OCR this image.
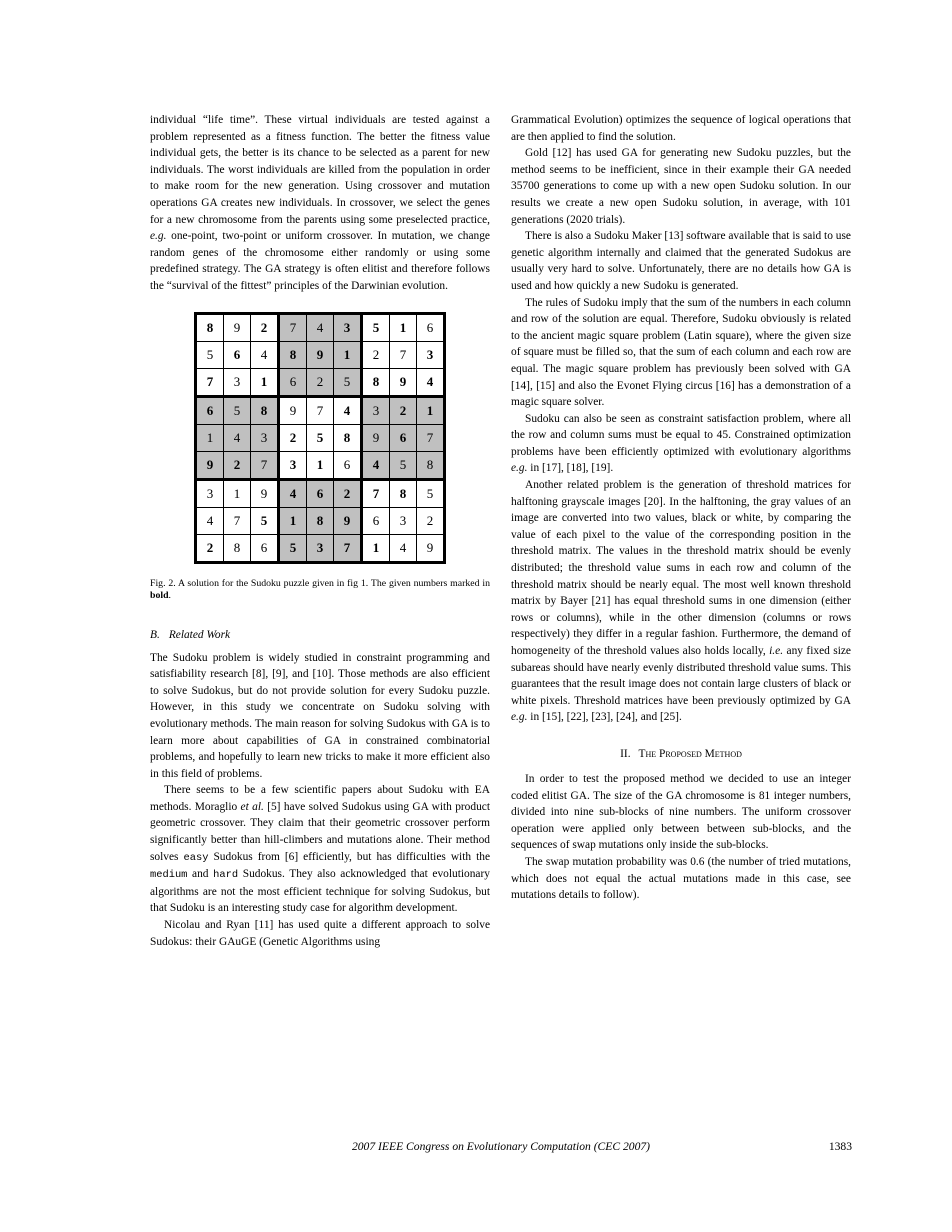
individual “life time”. These virtual individuals are tested against a problem represented as a fitness function. The better the fitness value individual gets, the better is its chance to be selected as a parent for new individuals. The worst individuals are killed from the population in order to make room for the new generation. Using crossover and mutation operations GA creates new individuals. In crossover, we select the genes for a new chromosome from the parents using some preselected practice, e.g. one-point, two-point or uniform crossover. In mutation, we change random genes of the chromosome either randomly or using some predefined strategy. The GA strategy is often elitist and therefore follows the “survival of the fittest” principles of the Darwinian evolution.

8	9	2	7	4	3	5	1	6
5	6	4	8	9	1	2	7	3
7	3	1	6	2	5	8	9	4
6	5	8	9	7	4	3	2	1
1	4	3	2	5	8	9	6	7
9	2	7	3	1	6	4	5	8
3	1	9	4	6	2	7	8	5
4	7	5	1	8	9	6	3	2
2	8	6	5	3	7	1	4	9
Fig. 2. A solution for the Sudoku puzzle given in fig 1. The given numbers marked in bold.
B. Related Work

The Sudoku problem is widely studied in constraint programming and satisfiability research [8], [9], and [10]. Those methods are also efficient to solve Sudokus, but do not provide solution for every Sudoku puzzle. However, in this study we concentrate on Sudoku solving with evolutionary methods. The main reason for solving Sudokus with GA is to learn more about capabilities of GA in constrained combinatorial problems, and hopefully to learn new tricks to make it more efficient also in this field of problems.

There seems to be a few scientific papers about Sudoku with EA methods. Moraglio et al. [5] have solved Sudokus using GA with product geometric crossover. They claim that their geometric crossover perform significantly better than hill-climbers and mutations alone. Their method solves easy Sudokus from [6] efficiently, but has difficulties with the medium and hard Sudokus. They also acknowledged that evolutionary algorithms are not the most efficient technique for solving Sudokus, but that Sudoku is an interesting study case for algorithm development.

Nicolau and Ryan [11] has used quite a different approach to solve Sudokus: their GAuGE (Genetic Algorithms using

Grammatical Evolution) optimizes the sequence of logical operations that are then applied to find the solution.

Gold [12] has used GA for generating new Sudoku puzzles, but the method seems to be inefficient, since in their example their GA needed 35700 generations to come up with a new open Sudoku solution. In our results we create a new open Sudoku solution, in average, with 101 generations (2020 trials).

There is also a Sudoku Maker [13] software available that is said to use genetic algorithm internally and claimed that the generated Sudokus are usually very hard to solve. Unfortunately, there are no details how GA is used and how quickly a new Sudoku is generated.

The rules of Sudoku imply that the sum of the numbers in each column and row of the solution are equal. Therefore, Sudoku obviously is related to the ancient magic square problem (Latin square), where the given size of square must be filled so, that the sum of each column and each row are equal. The magic square problem has previously been solved with GA [14], [15] and also the Evonet Flying circus [16] has a demonstration of a magic square solver.

Sudoku can also be seen as constraint satisfaction problem, where all the row and column sums must be equal to 45. Constrained optimization problems have been efficiently optimized with evolutionary algorithms e.g. in [17], [18], [19].

Another related problem is the generation of threshold matrices for halftoning grayscale images [20]. In the halftoning, the gray values of an image are converted into two values, black or white, by comparing the value of each pixel to the value of the corresponding position in the threshold matrix. The values in the threshold matrix should be evenly distributed; the threshold value sums in each row and column of the threshold matrix should be nearly equal. The most well known threshold matrix by Bayer [21] has equal threshold sums in one dimension (either rows or columns), while in the other dimension (columns or rows respectively) they differ in a regular fashion. Furthermore, the demand of homogeneity of the threshold values also holds locally, i.e. any fixed size subareas should have nearly evenly distributed threshold value sums. This guarantees that the result image does not contain large clusters of black or white pixels. Threshold matrices have been previously optimized by GA e.g. in [15], [22], [23], [24], and [25].

II. The Proposed Method

In order to test the proposed method we decided to use an integer coded elitist GA. The size of the GA chromosome is 81 integer numbers, divided into nine sub-blocks of nine numbers. The uniform crossover operation were applied only between between sub-blocks, and the sequences of swap mutations only inside the sub-blocks.

The swap mutation probability was 0.6 (the number of tried mutations, which does not equal the actual mutations made in this case, see mutations details to follow).

2007 IEEE Congress on Evolutionary Computation (CEC 2007)	1383
